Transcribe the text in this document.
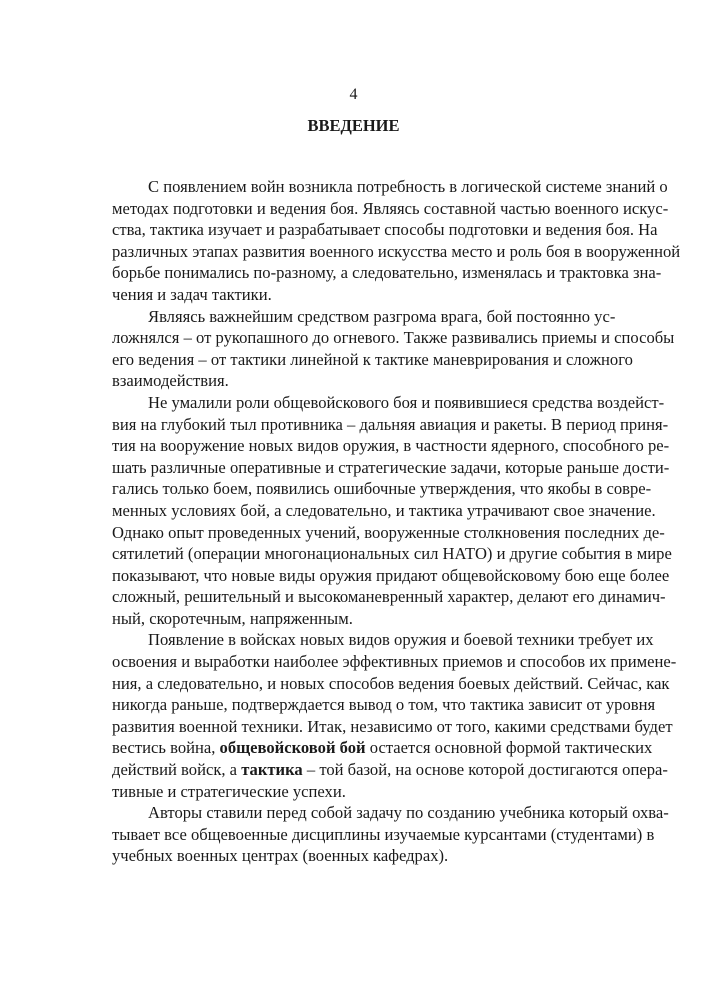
4
ВВЕДЕНИЕ
С появлением войн возникла потребность в логической системе знаний о
методах подготовки и ведения боя. Являясь составной частью военного искус-
ства, тактика изучает и разрабатывает способы подготовки и ведения боя. На
различных этапах развития военного искусства место и роль боя в вооруженной
борьбе понимались по-разному, а следовательно, изменялась и трактовка зна-
чения и задач тактики.
Являясь важнейшим средством разгрома врага, бой постоянно ус-
ложнялся – от рукопашного до огневого. Также развивались приемы и способы
его ведения – от тактики линейной к тактике маневрирования и сложного
взаимодействия.
Не умалили роли общевойскового боя и появившиеся средства воздейст-
вия на глубокий тыл противника – дальняя авиация и ракеты. В период приня-
тия на вооружение новых видов оружия, в частности ядерного, способного ре-
шать различные оперативные и стратегические задачи, которые раньше дости-
гались только боем, появились ошибочные утверждения, что якобы в совре-
менных условиях бой, а следовательно, и тактика утрачивают свое значение.
Однако опыт проведенных учений, вооруженные столкновения последних де-
сятилетий (операции многонациональных сил НАТО) и другие события в мире
показывают, что новые виды оружия придают общевойсковому бою еще более
сложный, решительный и высокоманевренный характер, делают его динамич-
ный, скоротечным, напряженным.
Появление в войсках новых видов оружия и боевой техники требует их
освоения и выработки наиболее эффективных приемов и способов их примене-
ния, а следовательно, и новых способов ведения боевых действий. Сейчас, как
никогда раньше, подтверждается вывод о том, что тактика зависит от уровня
развития военной техники. Итак, независимо от того, какими средствами будет
вестись война, общевойсковой бой остается основной формой тактических
действий войск, а тактика – той базой, на основе которой достигаются опера-
тивные и стратегические успехи.
Авторы ставили перед собой задачу по созданию учебника который охва-
тывает все общевоенные дисциплины изучаемые курсантами (студентами) в
учебных военных центрах (военных кафедрах).
